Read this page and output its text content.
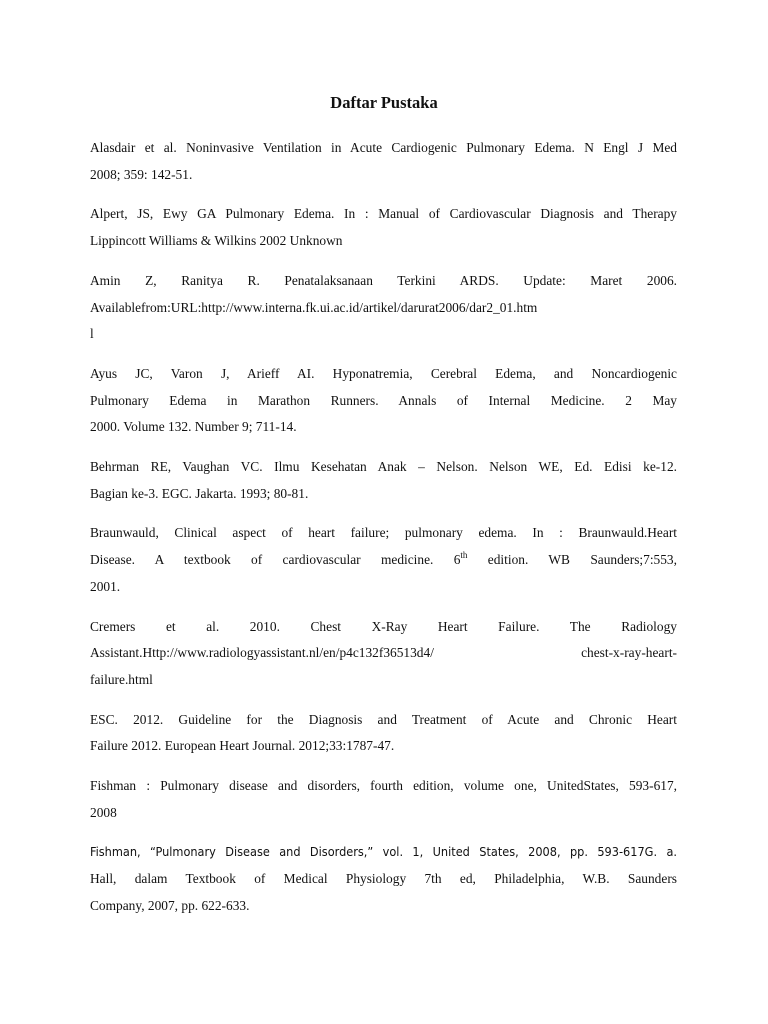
Daftar Pustaka
Alasdair et al. Noninvasive Ventilation in Acute Cardiogenic Pulmonary Edema. N Engl J Med
2008; 359: 142-51.
Alpert, JS, Ewy GA Pulmonary Edema. In : Manual of Cardiovascular Diagnosis and Therapy
Lippincott Williams & Wilkins 2002 Unknown
Amin Z, Ranitya R. Penatalaksanaan Terkini ARDS. Update: Maret 2006.
Availablefrom:URL:http://www.interna.fk.ui.ac.id/artikel/darurat2006/dar2_01.htm
l
Ayus JC, Varon J, Arieff AI. Hyponatremia, Cerebral Edema, and Noncardiogenic
Pulmonary Edema in Marathon Runners. Annals of Internal Medicine. 2 May
2000. Volume 132. Number 9; 711-14.
Behrman RE, Vaughan VC. Ilmu Kesehatan Anak – Nelson. Nelson WE, Ed. Edisi ke-12.
Bagian ke-3. EGC. Jakarta. 1993; 80-81.
Braunwauld, Clinical aspect of heart failure; pulmonary edema. In : Braunwauld.Heart
Disease. A textbook of cardiovascular medicine. 6th edition. WB Saunders;7:553,
2001.
Cremers et al. 2010. Chest X-Ray Heart Failure. The Radiology
Assistant.Http://www.radiologyassistant.nl/en/p4c132f36513d4/ chest-x-ray-heart-
failure.html
ESC. 2012. Guideline for the Diagnosis and Treatment of Acute and Chronic Heart
Failure 2012. European Heart Journal. 2012;33:1787-47.
Fishman : Pulmonary disease and disorders, fourth edition, volume one, UnitedStates, 593-617,
2008
Fishman, “Pulmonary Disease and Disorders,” vol. 1, United States, 2008, pp. 593-617G. a.
Hall, dalam Textbook of Medical Physiology 7th ed, Philadelphia, W.B. Saunders
Company, 2007, pp. 622-633.
